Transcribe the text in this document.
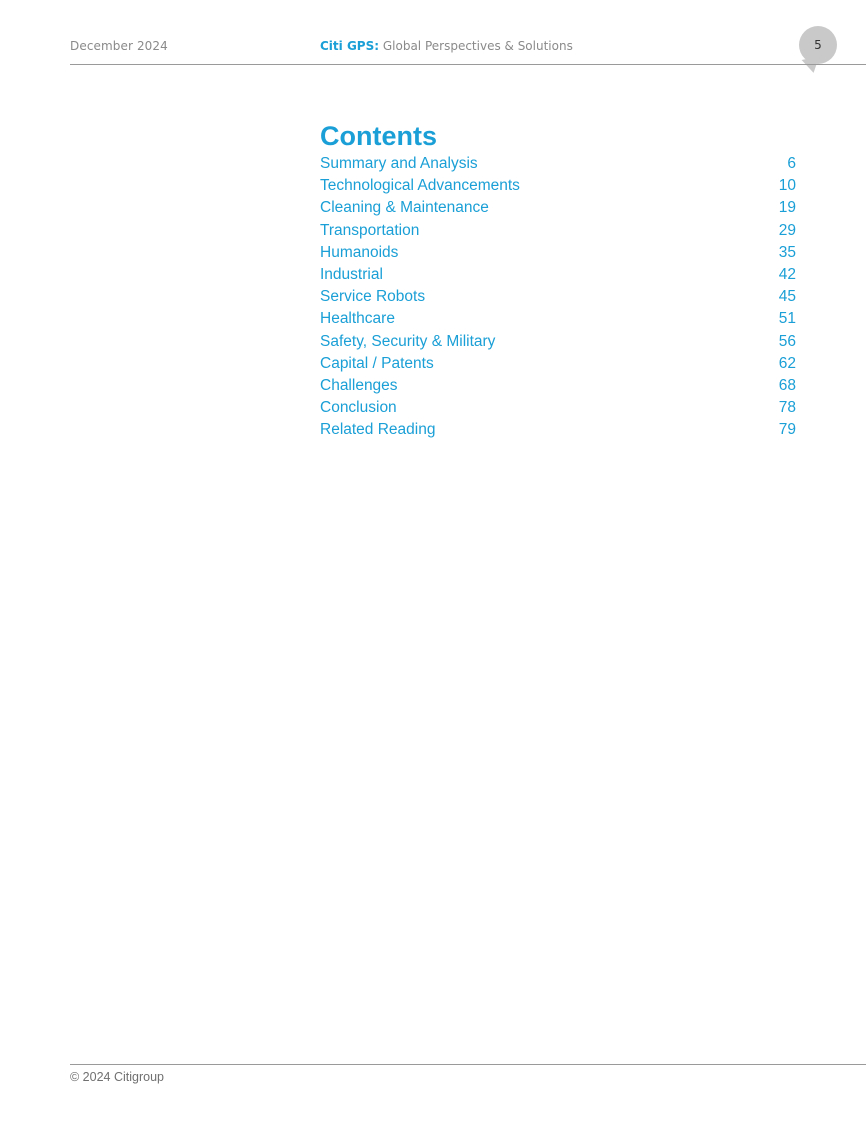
December 2024	Citi GPS: Global Perspectives & Solutions	5
Contents
Summary and Analysis	6
Technological Advancements	10
Cleaning & Maintenance	19
Transportation	29
Humanoids	35
Industrial	42
Service Robots	45
Healthcare	51
Safety, Security & Military	56
Capital / Patents	62
Challenges	68
Conclusion	78
Related Reading	79
© 2024 Citigroup
